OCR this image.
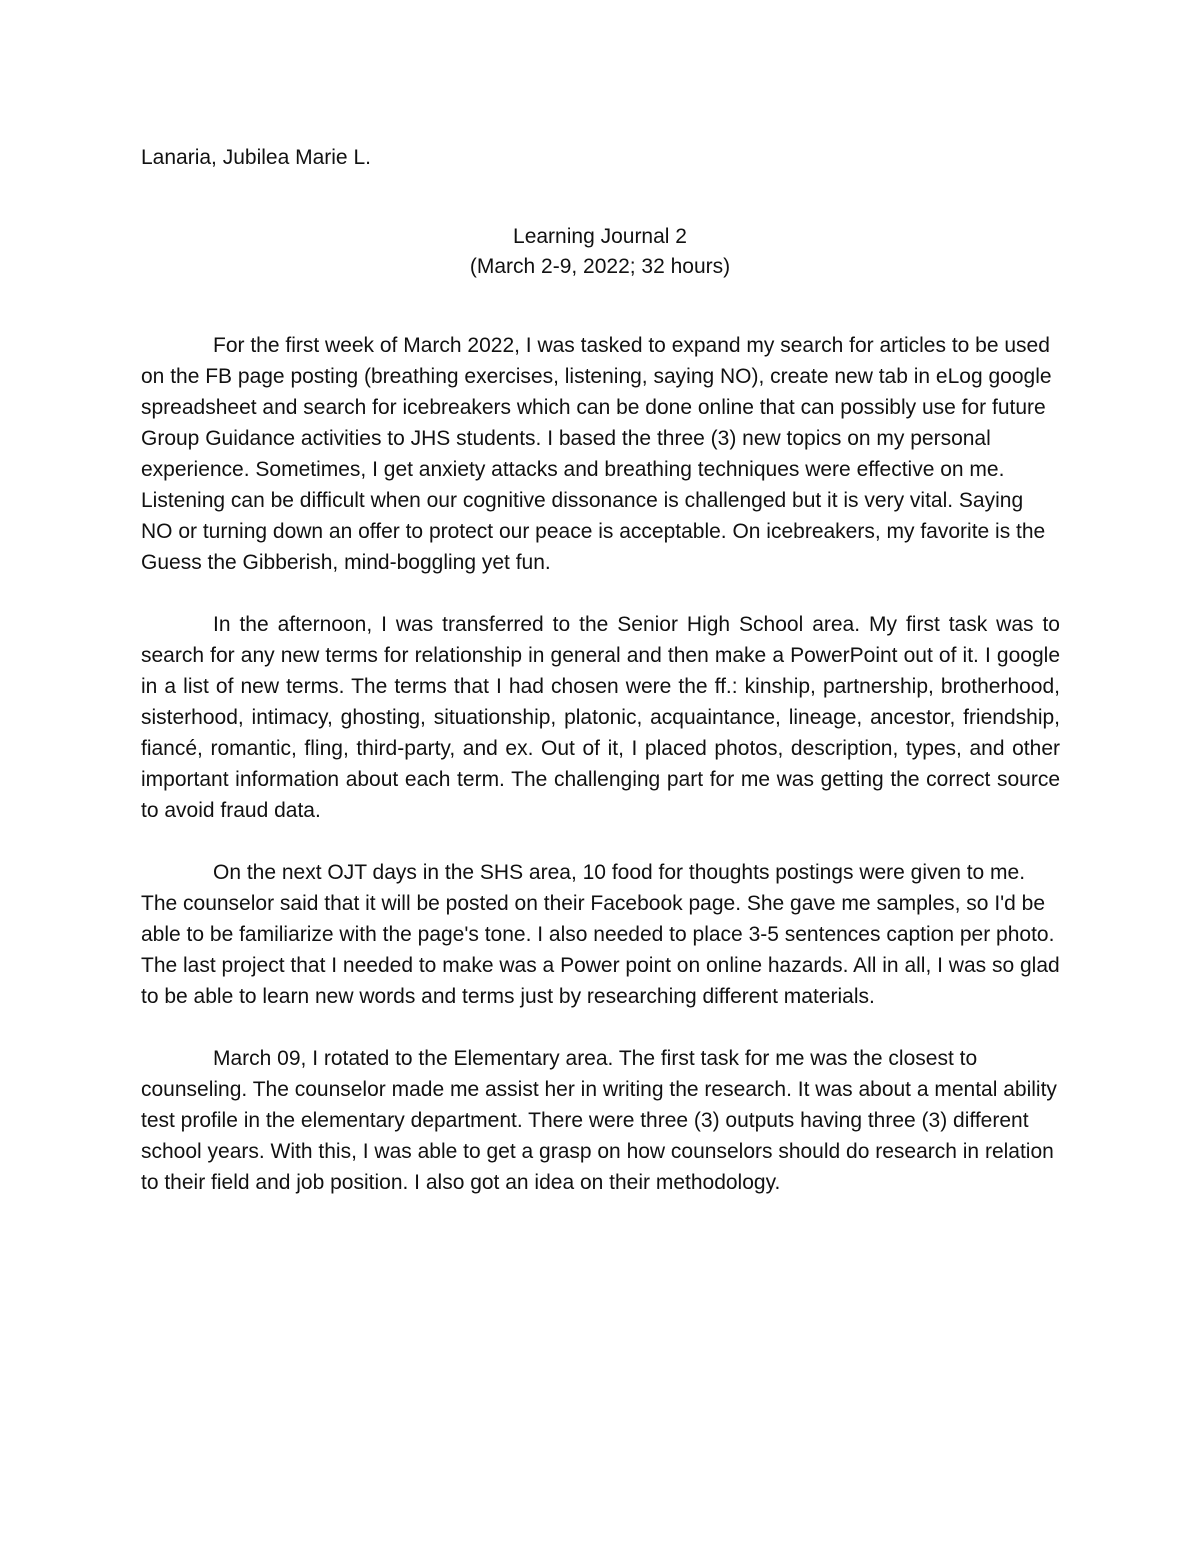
Lanaria, Jubilea Marie L.
Learning Journal 2
(March 2-9, 2022; 32 hours)

For the first week of March 2022, I was tasked to expand my search for articles to be used on the FB page posting (breathing exercises, listening, saying NO), create new tab in eLog google spreadsheet and search for icebreakers which can be done online that can possibly use for future Group Guidance activities to JHS students. I based the three (3) new topics on my personal experience. Sometimes, I get anxiety attacks and breathing techniques were effective on me. Listening can be difficult when our cognitive dissonance is challenged but it is very vital. Saying NO or turning down an offer to protect our peace is acceptable. On icebreakers, my favorite is the Guess the Gibberish, mind-boggling yet fun.

In the afternoon, I was transferred to the Senior High School area. My first task was to search for any new terms for relationship in general and then make a PowerPoint out of it. I google in a list of new terms. The terms that I had chosen were the ff.: kinship, partnership, brotherhood, sisterhood, intimacy, ghosting, situationship, platonic, acquaintance, lineage, ancestor, friendship, fiancé, romantic, fling, third-party, and ex. Out of it, I placed photos, description, types, and other important information about each term. The challenging part for me was getting the correct source to avoid fraud data.

On the next OJT days in the SHS area, 10 food for thoughts postings were given to me. The counselor said that it will be posted on their Facebook page. She gave me samples, so I'd be able to be familiarize with the page's tone. I also needed to place 3-5 sentences caption per photo. The last project that I needed to make was a Power point on online hazards. All in all, I was so glad to be able to learn new words and terms just by researching different materials.

March 09, I rotated to the Elementary area. The first task for me was the closest to counseling. The counselor made me assist her in writing the research. It was about a mental ability test profile in the elementary department. There were three (3) outputs having three (3) different school years. With this, I was able to get a grasp on how counselors should do research in relation to their field and job position. I also got an idea on their methodology.
